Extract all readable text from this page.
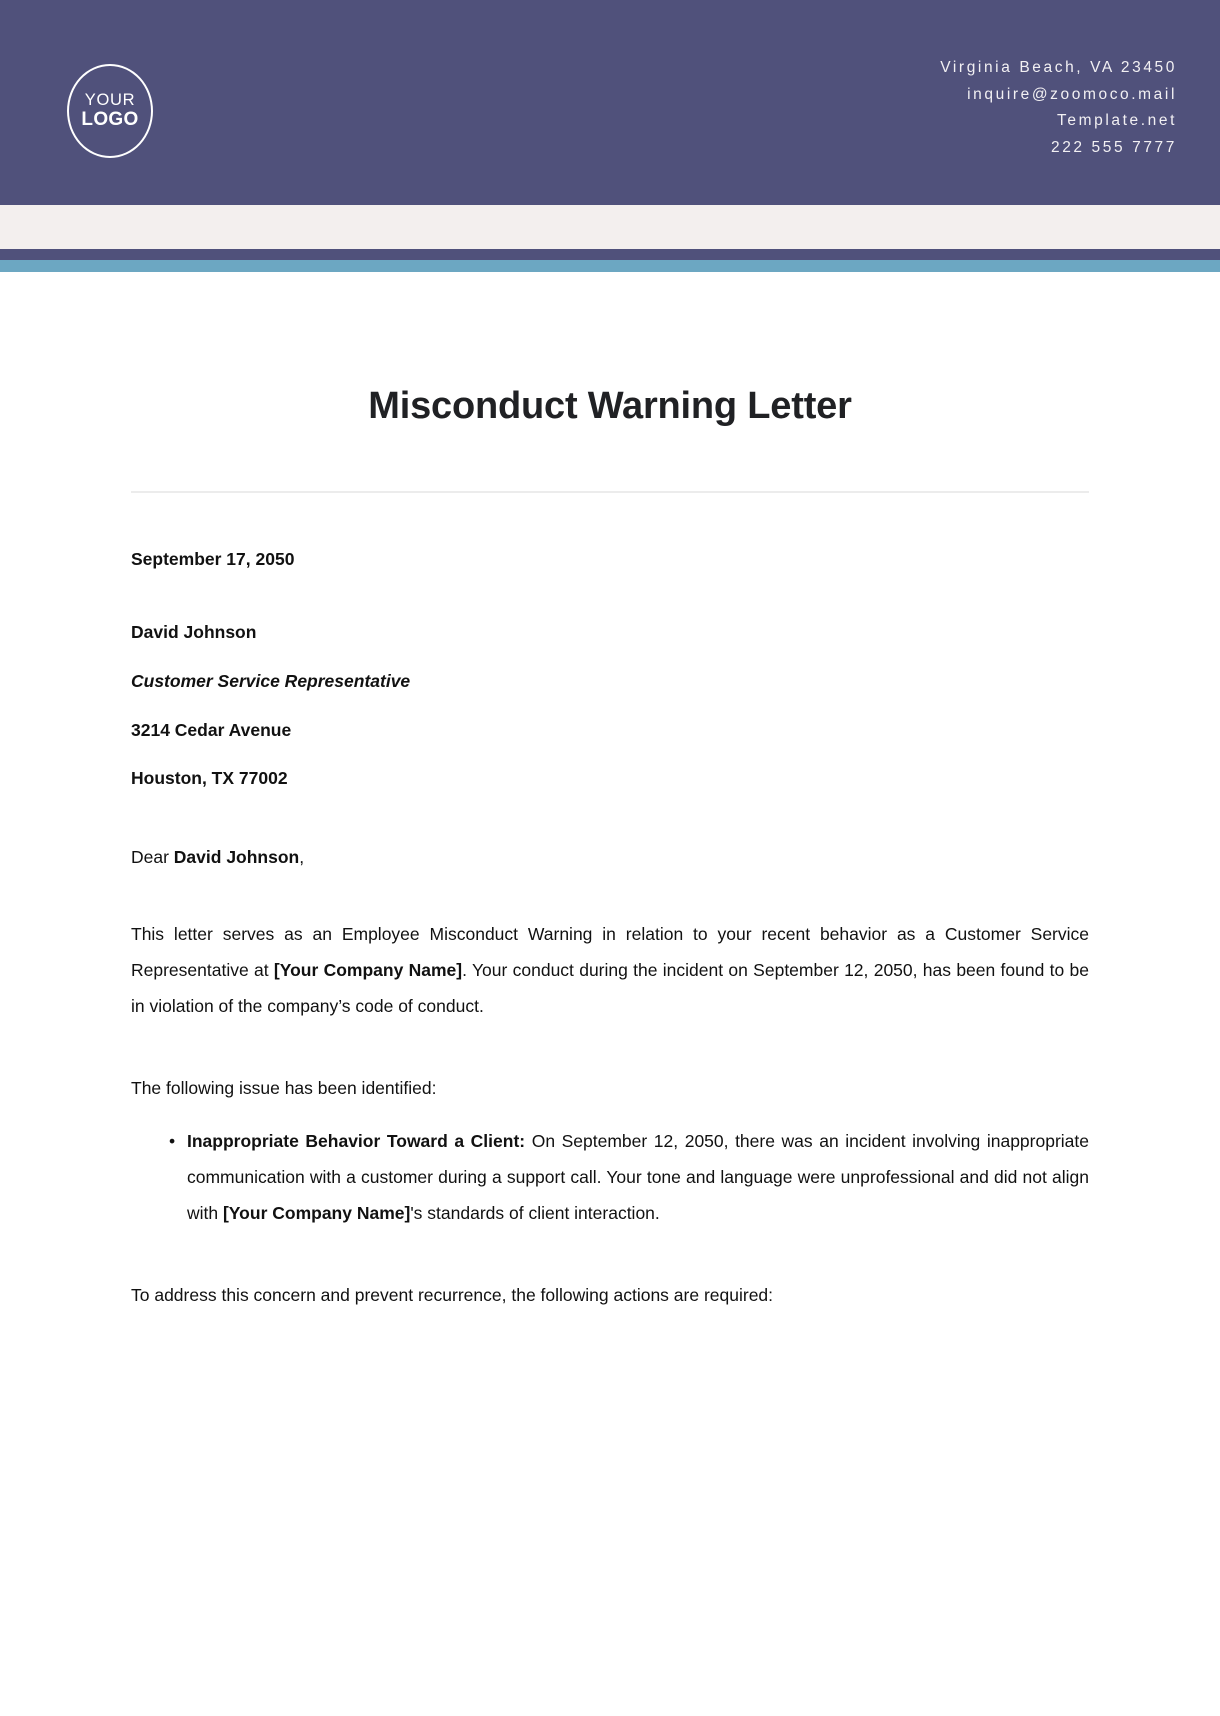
YOUR
LOGO
Virginia Beach, VA 23450
inquire@zoomoco.mail
Template.net
222 555 7777
Misconduct Warning Letter
September 17, 2050
David Johnson
Customer Service Representative
3214 Cedar Avenue
Houston, TX 77002
Dear David Johnson,

This letter serves as an Employee Misconduct Warning in relation to your recent behavior as a Customer Service Representative at [Your Company Name]. Your conduct during the incident on September 12, 2050, has been found to be in violation of the company’s code of conduct.

The following issue has been identified:

• Inappropriate Behavior Toward a Client: On September 12, 2050, there was an incident involving inappropriate communication with a customer during a support call. Your tone and language were unprofessional and did not align with [Your Company Name]'s standards of client interaction.

To address this concern and prevent recurrence, the following actions are required:
